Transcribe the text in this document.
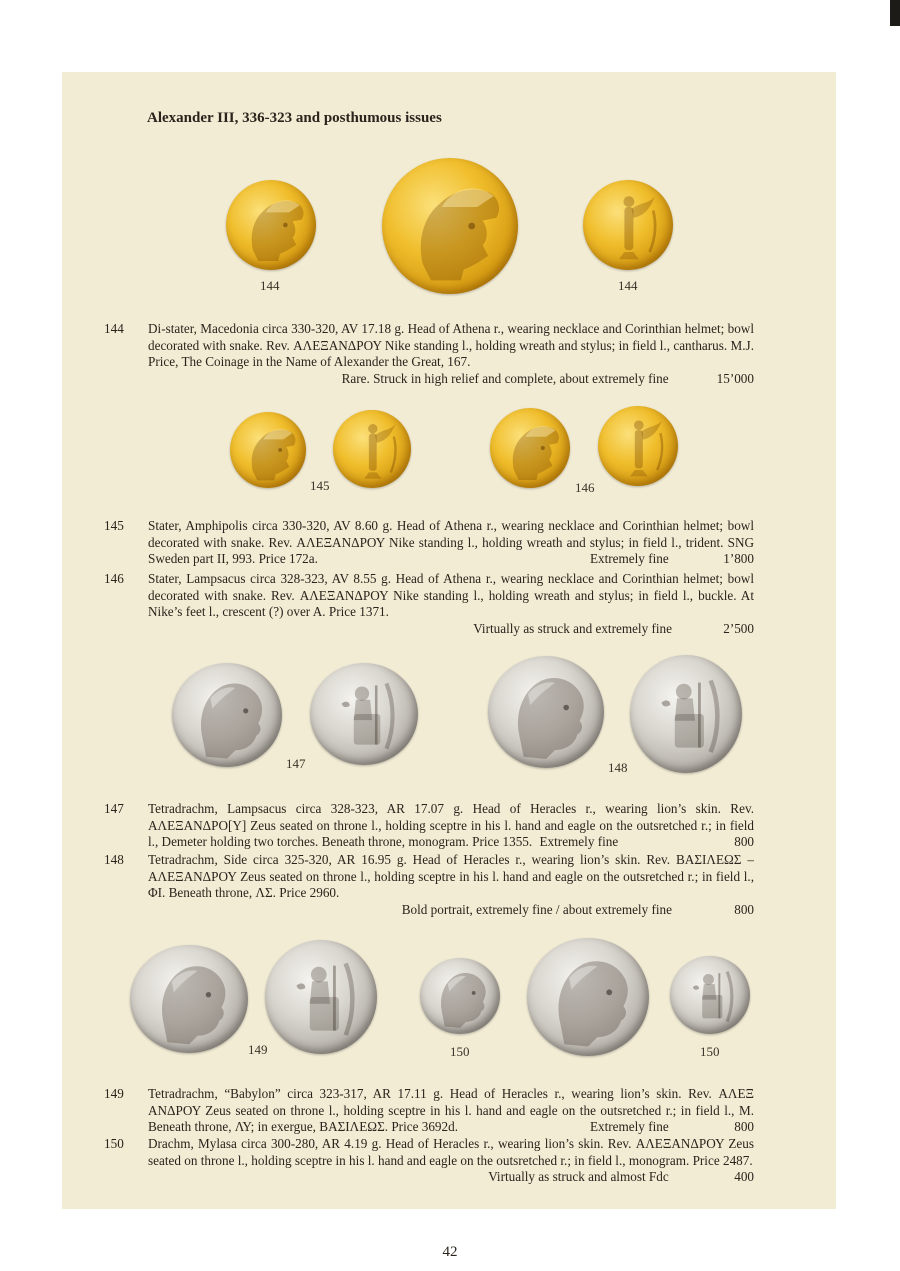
Alexander III, 336-323 and posthumous issues
144	144
144	Di-stater, Macedonia circa 330-320, AV 17.18 g. Head of Athena r., wearing necklace and Corinthian helmet; bowl decorated with snake. Rev. ΑΛΕΞΑΝΔΡΟΥ Nike standing l., holding wreath and stylus; in field l., cantharus. M.J. Price, The Coinage in the Name of Alexander the Great, 167.
Rare. Struck in high relief and complete, about extremely fine	15’000
145	146
145	Stater, Amphipolis circa 330-320, AV 8.60 g. Head of Athena r., wearing necklace and Corinthian helmet; bowl decorated with snake. Rev. ΑΛΕΞΑΝΔΡΟΥ Nike standing l., holding wreath and stylus; in field l., trident. SNG Sweden part II, 993. Price 172a.	Extremely fine	1’800
146	Stater, Lampsacus circa 328-323, AV 8.55 g. Head of Athena r., wearing necklace and Corinthian helmet; bowl decorated with snake. Rev. ΑΛΕΞΑΝΔΡΟΥ Nike standing l., holding wreath and stylus; in field l., buckle. At Nike’s feet l., crescent (?) over A. Price 1371.
Virtually as struck and extremely fine	2’500
147	148
147	Tetradrachm, Lampsacus circa 328-323, AR 17.07 g. Head of Heracles r., wearing lion’s skin. Rev. ΑΛΕΞΑΝΔΡΟ[Υ] Zeus seated on throne l., holding sceptre in his l. hand and eagle on the outsretched r.; in field l., Demeter holding two torches. Beneath throne, monogram. Price 1355. Extremely fine	800
148	Tetradrachm, Side circa 325-320, AR 16.95 g. Head of Heracles r., wearing lion’s skin. Rev. ΒΑΣΙΛΕΩΣ – ΑΛΕΞΑΝΔΡΟΥ Zeus seated on throne l., holding sceptre in his l. hand and eagle on the outsretched r.; in field l., ΦΙ. Beneath throne, ΛΣ. Price 2960.
Bold portrait, extremely fine / about extremely fine	800
149	150	150
149	Tetradrachm, “Babylon” circa 323-317, AR 17.11 g. Head of Heracles r., wearing lion’s skin. Rev. ΑΛΕΞ ΑΝΔΡΟΥ Zeus seated on throne l., holding sceptre in his l. hand and eagle on the outsretched r.; in field l., M. Beneath throne, ΛΥ; in exergue, ΒΑΣΙΛΕΩΣ. Price 3692d.	Extremely fine	800
150	Drachm, Mylasa circa 300-280, AR 4.19 g. Head of Heracles r., wearing lion’s skin. Rev. ΑΛΕΞΑΝΔΡΟΥ Zeus seated on throne l., holding sceptre in his l. hand and eagle on the outsretched r.; in field l., monogram. Price 2487.
Virtually as struck and almost Fdc	400
42
